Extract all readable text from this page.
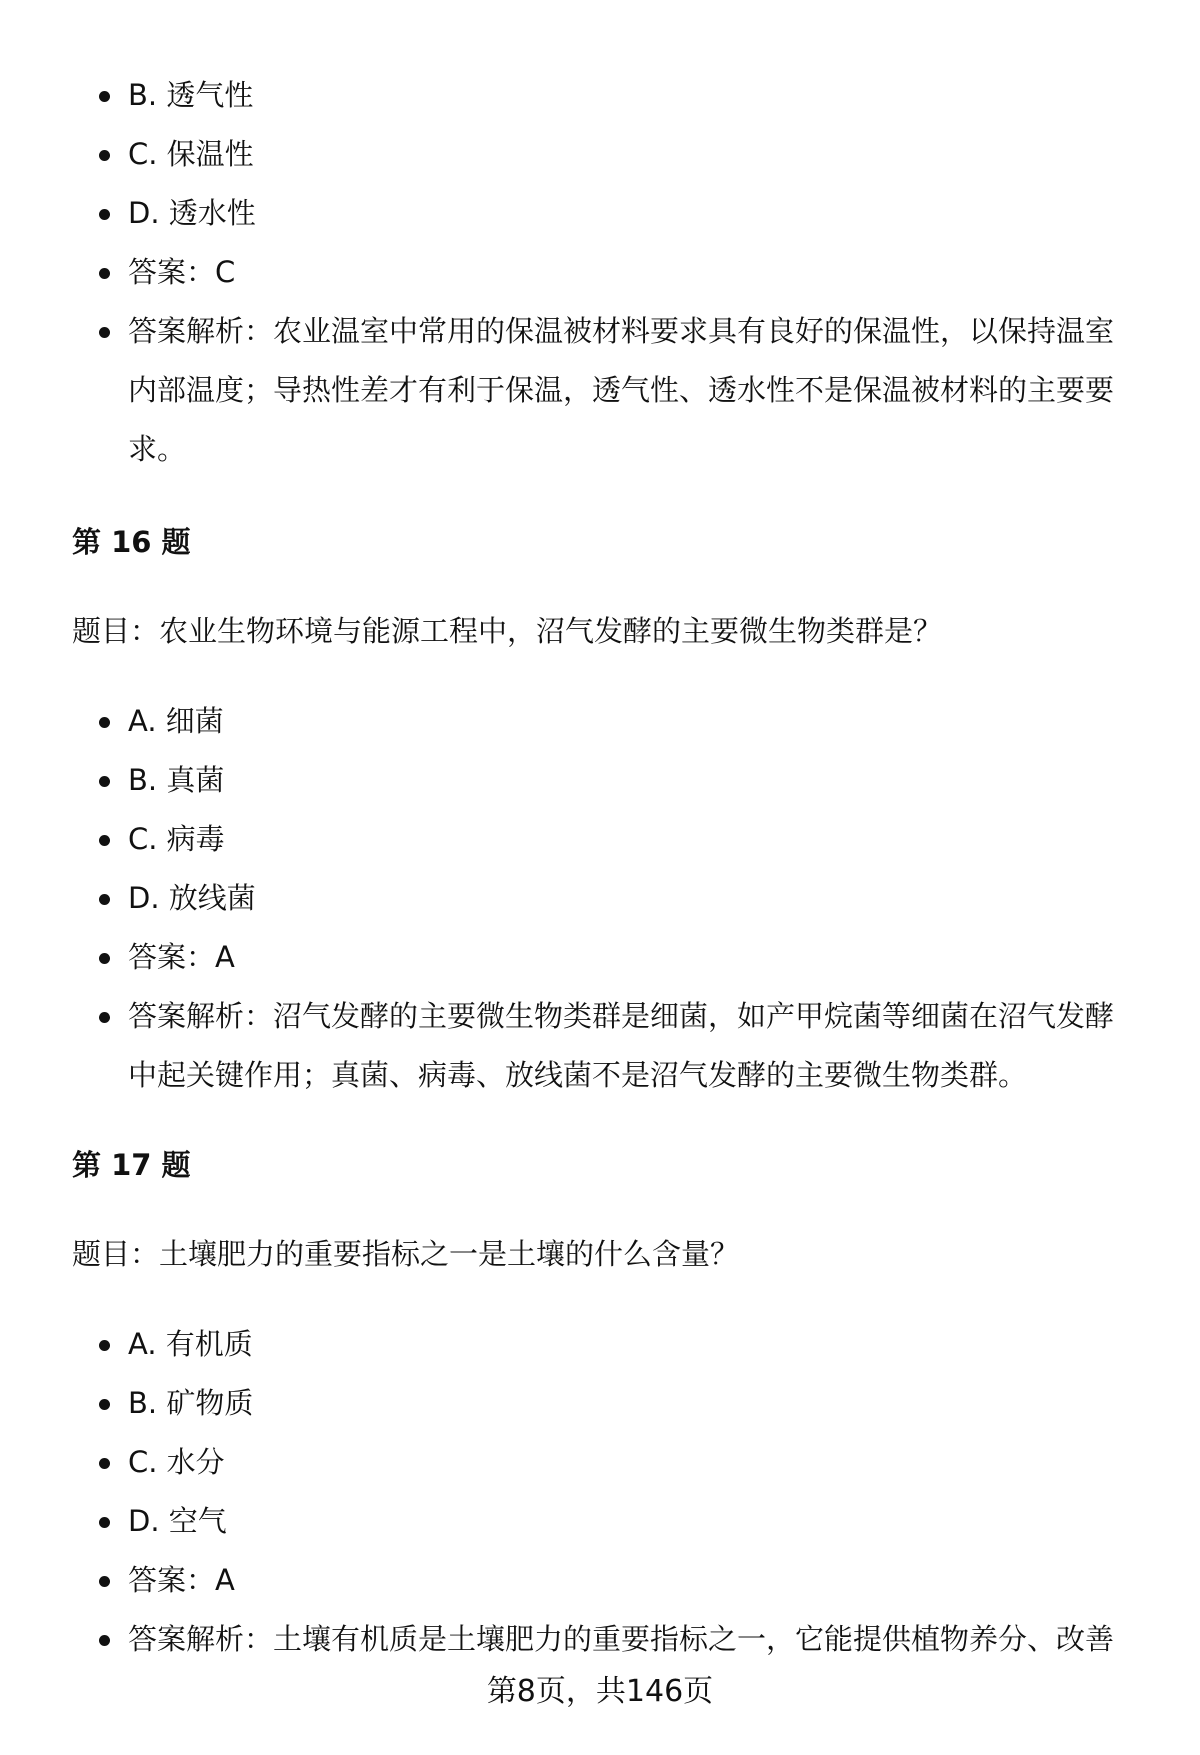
B. 透气性
C. 保温性
D. 透水性
答案：C
答案解析：农业温室中常用的保温被材料要求具有良好的保温性，以保持温室内部温度；导热性差才有利于保温，透气性、透水性不是保温被材料的主要要求。
第 16 题
题目：农业生物环境与能源工程中，沼气发酵的主要微生物类群是？
A. 细菌
B. 真菌
C. 病毒
D. 放线菌
答案：A
答案解析：沼气发酵的主要微生物类群是细菌，如产甲烷菌等细菌在沼气发酵中起关键作用；真菌、病毒、放线菌不是沼气发酵的主要微生物类群。
第 17 题
题目：土壤肥力的重要指标之一是土壤的什么含量？
A. 有机质
B. 矿物质
C. 水分
D. 空气
答案：A
答案解析：土壤有机质是土壤肥力的重要指标之一，它能提供植物养分、改善
第8页，共146页
